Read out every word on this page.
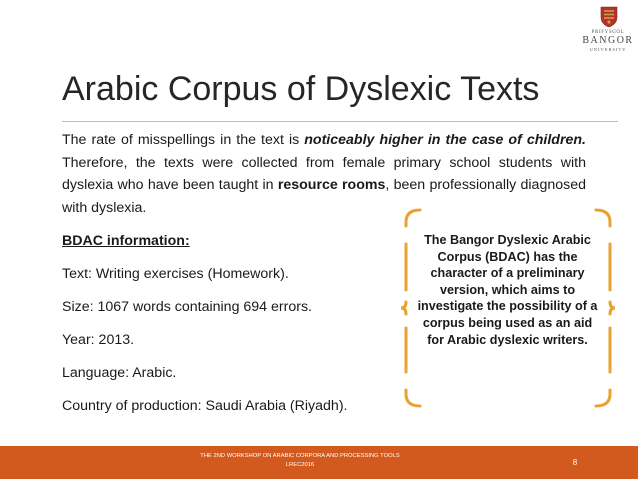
PRIFYSGOL
BANGOR
UNIVERSITY
Arabic Corpus of Dyslexic Texts

The rate of misspellings in the text is noticeably higher in the case of children. Therefore, the texts were collected from female primary school students with dyslexia who have been taught in resource rooms, been professionally diagnosed with dyslexia.

BDAC information:

Text: Writing exercises (Homework).

Size: 1067 words containing 694 errors.

Year: 2013.

Language: Arabic.

Country of production: Saudi Arabia (Riyadh).

The Bangor Dyslexic Arabic Corpus (BDAC) has the character of a preliminary version, which aims to investigate the possibility of a corpus being used as an aid for Arabic dyslexic writers.

THE 2ND WORKSHOP ON ARABIC CORPORA AND PROCESSING TOOLS
LREC2016	8
